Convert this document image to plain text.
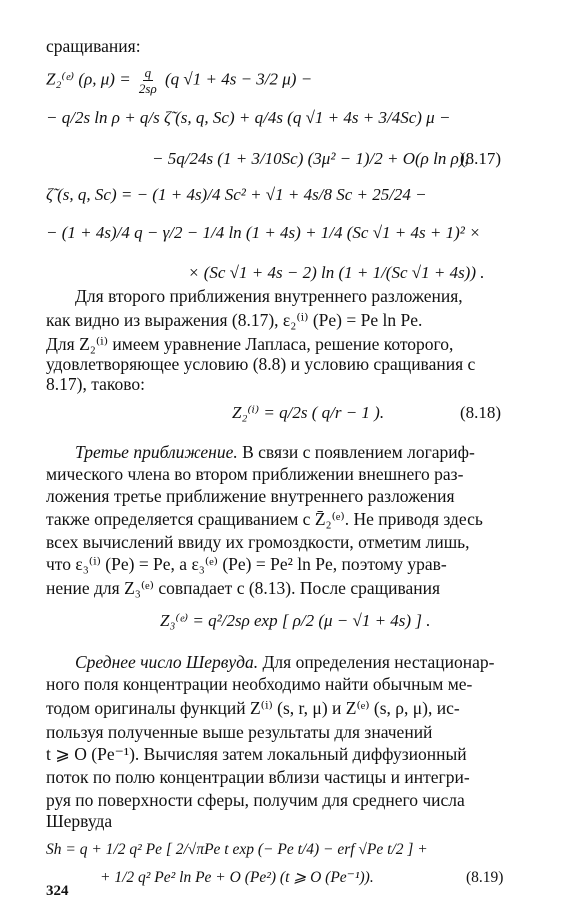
сращивания:
Z₂⁽ᵉ⁾ (ρ, $\mu) = \frac{q}{2s\rho} (q$ √1 + 4s − 3/2 μ) −
− q/2s ln ρ + q/s ζ̃ (s, q, Sc) + q/4s (q √1 + 4s + 3/4Sc) μ −
− 5q/24s (1 + 3/10Sc) (3μ² − 1)/2 + O(ρ ln ρ),
(8.17)
ζ̃ (s, q, Sc) = − (1 + 4s)/4 Sc² + √1 + 4s/8 Sc + 25/24 −
− (1 + 4s)/4 q − γ/2 − 1/4 ln (1 + 4s) + 1/4 (Sc √1 + 4s + 1)² ×
× (Sc √1 + 4s − 2) ln (1 + 1/(Sc √1 + 4s)) .
Для второго приближения внутреннего разложения,
как видно из выражения (8.17), ε₂⁽ⁱ⁾ (Pe) = Pe ln Pe.
Для Z₂⁽ⁱ⁾ имеем уравнение Лапласа, решение которого,
удовлетворяющее условию (8.8) и условию сращивания с
8.17), таково:
Z₂⁽ⁱ⁾ = q/2s ( q/r − 1 ).	(8.18)
Третье приближение. В связи с появлением логариф-
мического члена во втором приближении внешнего раз-
ложения третье приближение внутреннего разложения
также определяется сращиванием с Z̄₂⁽ᵉ⁾. Не приводя здесь
всех вычислений ввиду их громоздкости, отметим лишь,
что ε₃⁽ⁱ⁾ (Pe) = Pe, а ε₃⁽ᵉ⁾ (Pe) = Pe² ln Pe, поэтому урав-
нение для Z₃⁽ᵉ⁾ совпадает с (8.13). После сращивания
Z₃⁽ᵉ⁾ = q²/2sρ exp [ ρ/2 (μ − √1 + 4s) ] .
Среднее число Шервуда. Для определения нестационар-
ного поля концентрации необходимо найти обычным ме-
тодом оригиналы функций Z⁽ⁱ⁾ (s, r, μ) и Z⁽ᵉ⁾ (s, ρ, μ), ис-
пользуя полученные выше результаты для значений
t ⩾ O (Pe⁻¹). Вычисляя затем локальный диффузионный
поток по полю концентрации вблизи частицы и интегри-
руя по поверхности сферы, получим для среднего числа
Шервуда
Sh = q + 1/2 q² Pe [ 2/√πPe t exp (− Pe t/4) − erf √Pe t/2 ] +
+ 1/2 q² Pe² ln Pe + O (Pe²) (t ⩾ O (Pe⁻¹)).	(8.19)
324
